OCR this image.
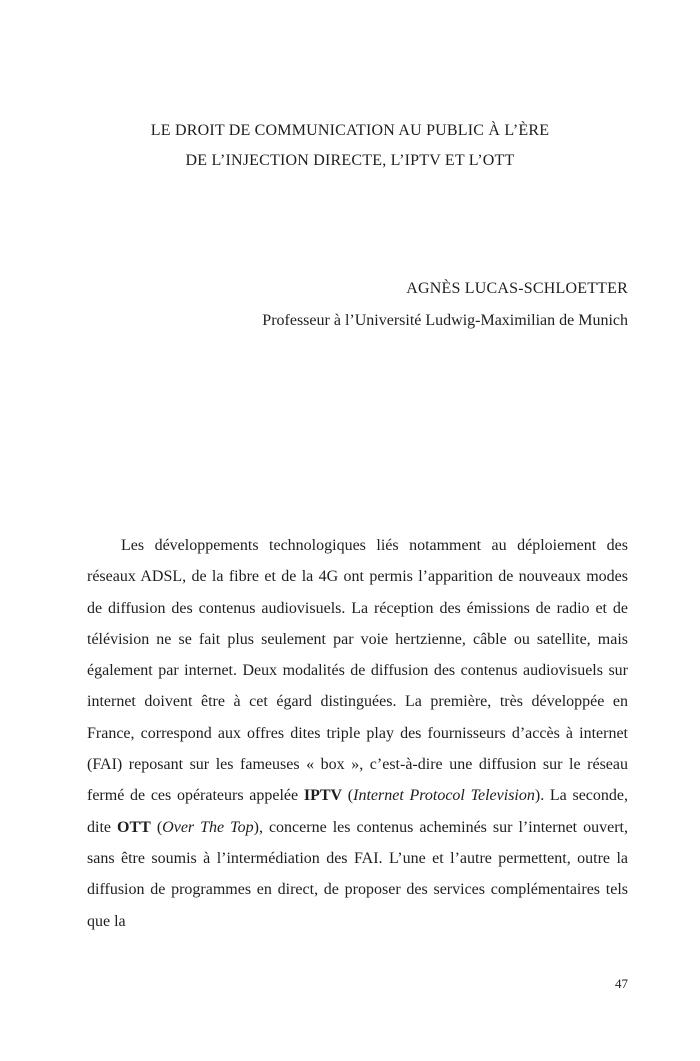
LE DROIT DE COMMUNICATION AU PUBLIC À L’ÈRE
DE L’INJECTION DIRECTE, L’IPTV ET L’OTT

AGNÈS LUCAS-SCHLOETTER

Professeur à l’Université Ludwig-Maximilian de Munich

Les développements technologiques liés notamment au déploiement des réseaux ADSL, de la fibre et de la 4G ont permis l’apparition de nouveaux modes de diffusion des contenus audiovisuels. La réception des émissions de radio et de télévision ne se fait plus seulement par voie hertzienne, câble ou satellite, mais également par internet. Deux modalités de diffusion des contenus audiovisuels sur internet doivent être à cet égard distinguées. La première, très développée en France, correspond aux offres dites triple play des fournisseurs d’accès à internet (FAI) reposant sur les fameuses « box », c’est-à-dire une diffusion sur le réseau fermé de ces opérateurs appelée IPTV (Internet Protocol Television). La seconde, dite OTT (Over The Top), concerne les contenus acheminés sur l’internet ouvert, sans être soumis à l’intermédiation des FAI. L’une et l’autre permettent, outre la diffusion de programmes en direct, de proposer des services complémentaires tels que la

47
